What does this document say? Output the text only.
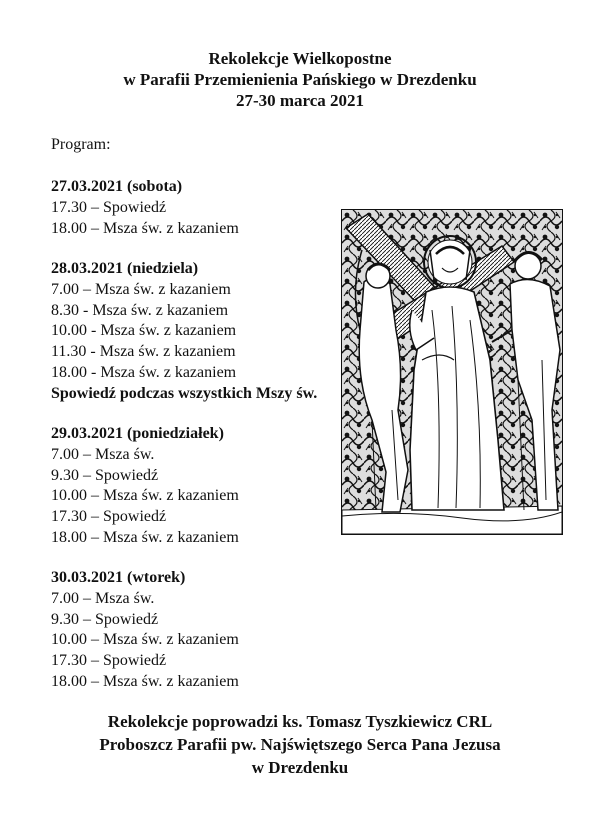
Rekolekcje Wielkopostne
w Parafii Przemienienia Pańskiego w Drezdenku
27-30 marca 2021
Program:
27.03.2021 (sobota)
17.30 – Spowiedź
18.00 – Msza św. z kazaniem
28.03.2021 (niedziela)
7.00 – Msza św. z kazaniem
8.30 - Msza św. z kazaniem
10.00 - Msza św. z kazaniem
11.30 - Msza św. z kazaniem
18.00 - Msza św. z kazaniem
Spowiedź podczas wszystkich Mszy św.
29.03.2021 (poniedziałek)
7.00 – Msza św.
9.30 – Spowiedź
10.00 – Msza św. z kazaniem
17.30 – Spowiedź
18.00 – Msza św. z kazaniem
30.03.2021 (wtorek)
7.00 – Msza św.
9.30 – Spowiedź
10.00 – Msza św. z kazaniem
17.30 – Spowiedź
18.00 – Msza św. z kazaniem
Rekolekcje poprowadzi ks. Tomasz Tyszkiewicz CRL
Proboszcz Parafii pw. Najświętszego Serca Pana Jezusa
w Drezdenku
